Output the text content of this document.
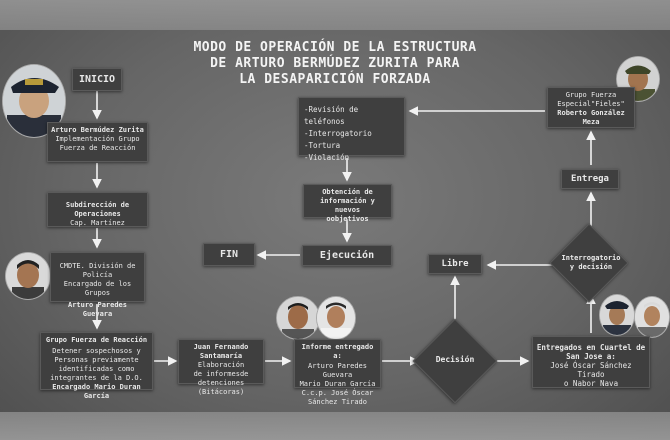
MODO DE OPERACIÓN DE LA ESTRUCTURA
DE ARTURO BERMÚDEZ ZURITA PARA
LA DESAPARICIÓN FORZADA
INICIO
Arturo Bermúdez Zurita
Implementación Grupo
Fuerza de Reacción
Subdirección de Operaciones
Cap. Martínez
CMDTE. División de Policía
Encargado de los Grupos
Arturo Paredes Guevara
Grupo Fuerza de Reacción
Detener sospechosos y
Personas previamente
identificadas como
integrantes de la D.O.
Encargado Mario Duran García
Juan Fernando
Santamaría Elaboración
de informesde
detenciones
(Bitácoras)
Informe entregado a:
Arturo Paredes Guevara
Mario Duran García
C.c.p. José Óscar
Sánchez Tirado
Decisión
Entregados en Cuartel de
San Jose a:
José Óscar Sánchez Tirado
o Nabor Nava
Interrogatorio
y decisión
Libre
Entrega
Grupo Fuerza
Especial"Fieles"
Roberto González
Meza
-Revisión de teléfonos
-Interrogatorio
-Tortura
-Violación
Obtención de
información y nuevos
oobjetivos
Ejecución
FIN
